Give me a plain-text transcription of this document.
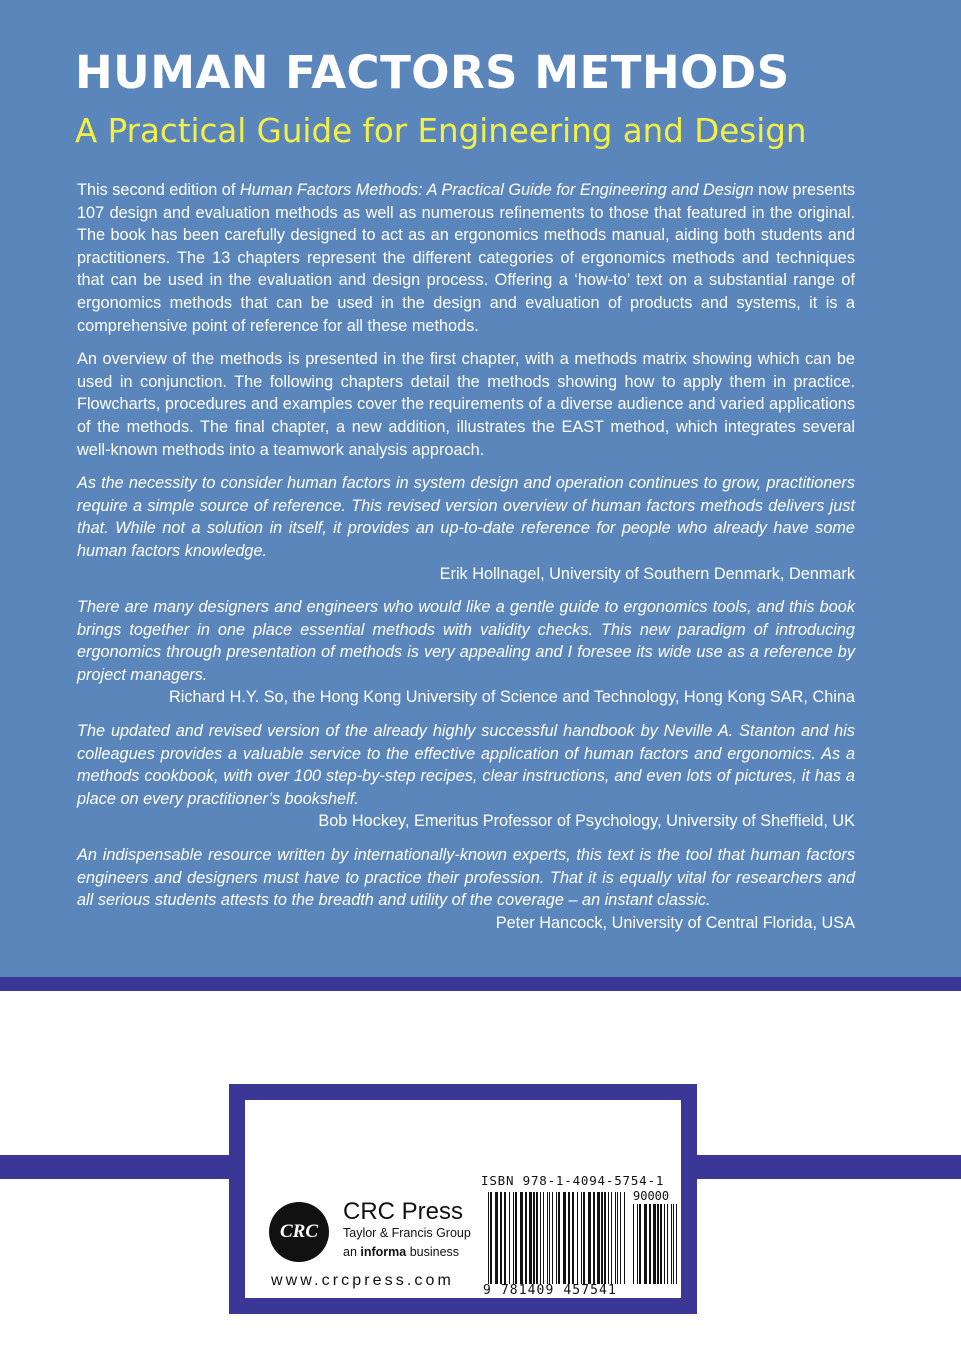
HUMAN FACTORS METHODS
A Practical Guide for Engineering and Design

This second edition of Human Factors Methods: A Practical Guide for Engineering and Design now presents 107 design and evaluation methods as well as numerous refinements to those that featured in the original. The book has been carefully designed to act as an ergonomics methods manual, aiding both students and practitioners. The 13 chapters represent the different categories of ergonomics methods and techniques that can be used in the evaluation and design process. Offering a ‘how-to’ text on a substantial range of ergonomics methods that can be used in the design and evaluation of products and systems, it is a comprehensive point of reference for all these methods.

An overview of the methods is presented in the first chapter, with a methods matrix showing which can be used in conjunction. The following chapters detail the methods showing how to apply them in practice. Flowcharts, procedures and examples cover the requirements of a diverse audience and varied applications of the methods. The final chapter, a new addition, illustrates the EAST method, which integrates several well-known methods into a teamwork analysis approach.

As the necessity to consider human factors in system design and operation continues to grow, practitioners require a simple source of reference. This revised version overview of human factors methods delivers just that. While not a solution in itself, it provides an up-to-date reference for people who already have some human factors knowledge.

Erik Hollnagel, University of Southern Denmark, Denmark

There are many designers and engineers who would like a gentle guide to ergonomics tools, and this book brings together in one place essential methods with validity checks. This new paradigm of introducing ergonomics through presentation of methods is very appealing and I foresee its wide use as a reference by project managers.

Richard H.Y. So, the Hong Kong University of Science and Technology, Hong Kong SAR, China

The updated and revised version of the already highly successful handbook by Neville A. Stanton and his colleagues provides a valuable service to the effective application of human factors and ergonomics. As a methods cookbook, with over 100 step-by-step recipes, clear instructions, and even lots of pictures, it has a place on every practitioner’s bookshelf.

Bob Hockey, Emeritus Professor of Psychology, University of Sheffield, UK

An indispensable resource written by internationally-known experts, this text is the tool that human factors engineers and designers must have to practice their profession. That it is equally vital for researchers and all serious students attests to the breadth and utility of the coverage – an instant classic.

Peter Hancock, University of Central Florida, USA
CRC
CRC Press
Taylor & Francis Group
an informa business
www.crcpress.com
ISBN 978-1-4094-5754-1
90000
9 781409 457541
